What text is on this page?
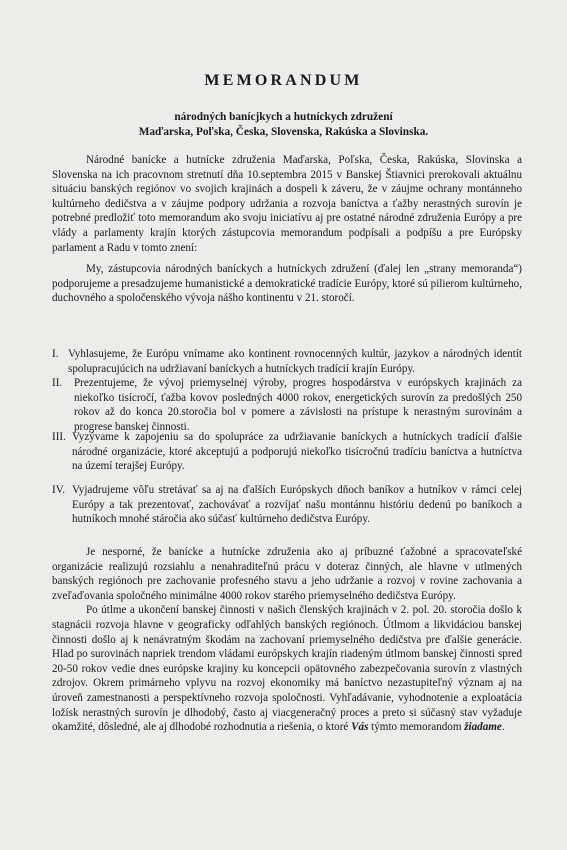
MEMORANDUM
národných banícjkych a hutníckych združení
Maďarska, Poľska, Česka, Slovenska, Rakúska a Slovinska.

Národné banícke a hutnícke združenia Maďarska, Poľska, Česka, Rakúska, Slovinska a Slovenska na ich pracovnom stretnutí dňa 10.septembra 2015 v Banskej Štiavnici prerokovali aktuálnu situáciu banských regiónov vo svojich krajinách a dospeli k záveru, že v záujme ochrany montánneho kultúrneho dedičstva a v záujme podpory udržania a rozvoja baníctva a ťažby nerastných surovín je potrebné predložiť toto memorandum ako svoju iniciatívu aj pre ostatné národné združenia Európy a pre vlády a parlamenty krajín ktorých zástupcovia memorandum podpísali a podpíšu a pre Európsky parlament a Radu v tomto znení:

My, zástupcovia národných baníckych a hutníckych združení (ďalej len „strany memoranda“) podporujeme a presadzujeme humanistické a demokratické tradície Európy, ktoré sú pilierom kultúrneho, duchovného a spoločenského vývoja nášho kontinentu v 21. storočí.

I. Vyhlasujeme, že Európu vnímame ako kontinent rovnocenných kultúr, jazykov a národných identít spolupracujúcich na udržiavaní baníckych a hutníckych tradícií krajín Európy.
II. Prezentujeme, že vývoj priemyselnej výroby, progres hospodárstva v európskych krajinách za niekoľko tisícročí, ťažba kovov posledných 4000 rokov, energetických surovín za predošlých 250 rokov až do konca 20.storočia bol v pomere a závislosti na prístupe k nerastným surovinám a progrese banskej činnosti.
III. Vyzývame k zapojeniu sa do spolupráce za udržiavanie baníckych a hutníckych tradícií ďalšie národné organizácie, ktoré akceptujú a podporujú niekoľko tisícročnú tradíciu baníctva a hutníctva na území terajšej Európy.
IV. Vyjadrujeme vôľu stretávať sa aj na ďalších Európskych dňoch baníkov a hutníkov v rámci celej Európy a tak prezentovať, zachovávať a rozvíjať našu montánnu históriu dedenú po baníkoch a hutníkoch mnohé stáročia ako súčasť kultúrneho dedičstva Európy.

Je nesporné, že banícke a hutnícke združenia ako aj príbuzné ťažobné a spracovateľské organizácie realizujú rozsiahlu a nenahraditeľnú prácu v doteraz činných, ale hlavne v utlmených banských regiónoch pre zachovanie profesného stavu a jeho udržanie a rozvoj v rovine zachovania a zveľaďovania spoločného minimálne 4000 rokov starého priemyselného dedičstva Európy.

Po útlme a ukončení banskej činnosti v našich členských krajinách v 2. pol. 20. storočia došlo k stagnácii rozvoja hlavne v geograficky odľahlých banských regiónoch. Útlmom a likvidáciou banskej činnosti došlo aj k nenávratným škodám na zachovaní priemyselného dedičstva pre ďalšie generácie. Hlad po surovinách napriek trendom vládami európskych krajín riadeným útlmom banskej činnosti spred 20-50 rokov vedie dnes európske krajiny ku koncepcii opätovného zabezpečovania surovín z vlastných zdrojov. Okrem primárneho vplyvu na rozvoj ekonomiky má baníctvo nezastupiteľný význam aj na úroveň zamestnanosti a perspektívneho rozvoja spoločnosti. Vyhľadávanie, vyhodnotenie a exploatácia ložísk nerastných surovín je dlhodobý, často aj viacgeneračný proces a preto si súčasný stav vyžaduje okamžité, dôsledné, ale aj dlhodobé rozhodnutia a riešenia, o ktoré Vás týmto memorandom žiadame.
